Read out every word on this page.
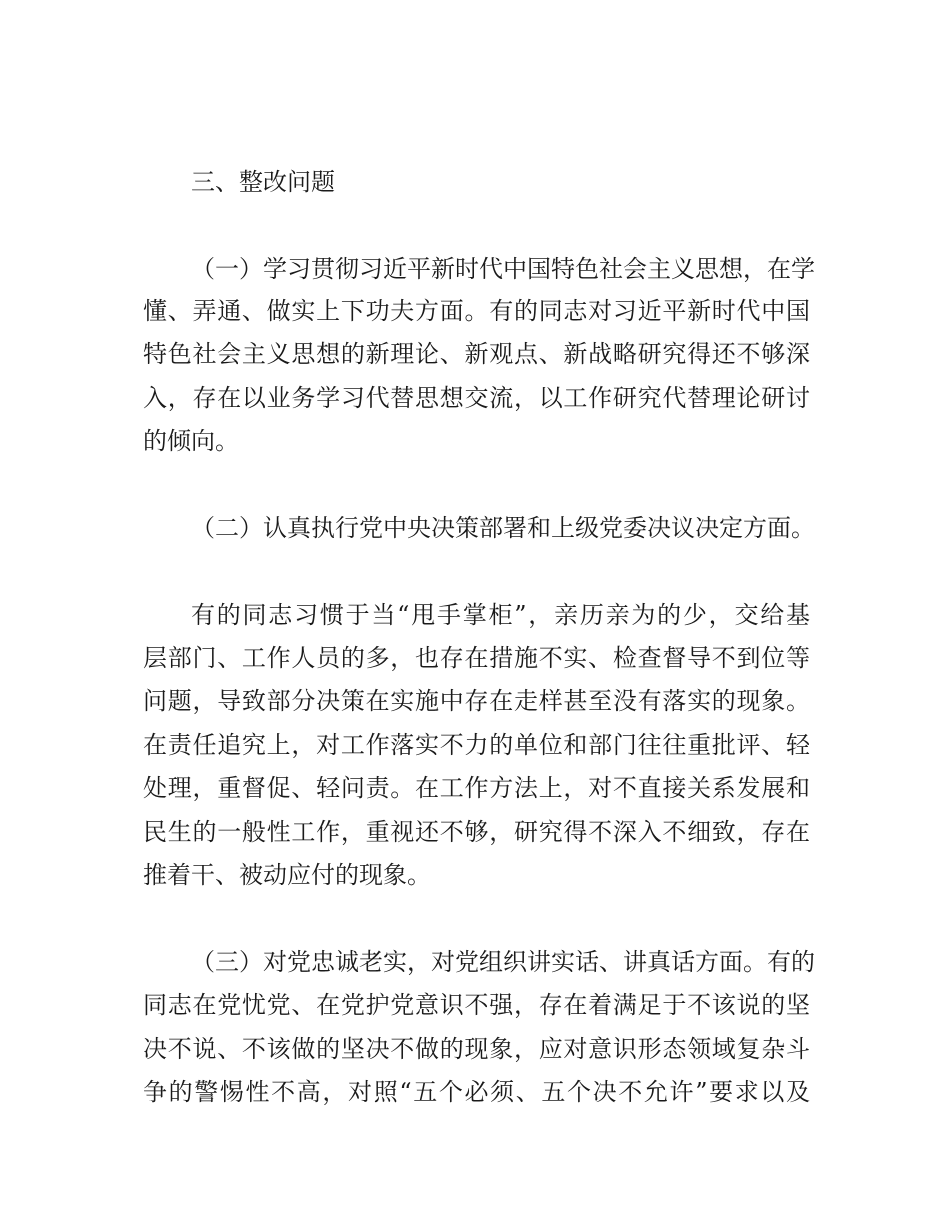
三、整改问题
（一）学习贯彻习近平新时代中国特色社会主义思想，在学
懂、弄通、做实上下功夫方面。有的同志对习近平新时代中国
特色社会主义思想的新理论、新观点、新战略研究得还不够深
入，存在以业务学习代替思想交流，以工作研究代替理论研讨
的倾向。
（二）认真执行党中央决策部署和上级党委决议决定方面。
有的同志习惯于当“甩手掌柜”，亲历亲为的少，交给基
层部门、工作人员的多，也存在措施不实、检查督导不到位等
问题，导致部分决策在实施中存在走样甚至没有落实的现象。
在责任追究上，对工作落实不力的单位和部门往往重批评、轻
处理，重督促、轻问责。在工作方法上，对不直接关系发展和
民生的一般性工作，重视还不够，研究得不深入不细致，存在
推着干、被动应付的现象。
（三）对党忠诚老实，对党组织讲实话、讲真话方面。有的
同志在党忧党、在党护党意识不强，存在着满足于不该说的坚
决不说、不该做的坚决不做的现象，应对意识形态领域复杂斗
争的警惕性不高，对照“五个必须、五个决不允许”要求以及
